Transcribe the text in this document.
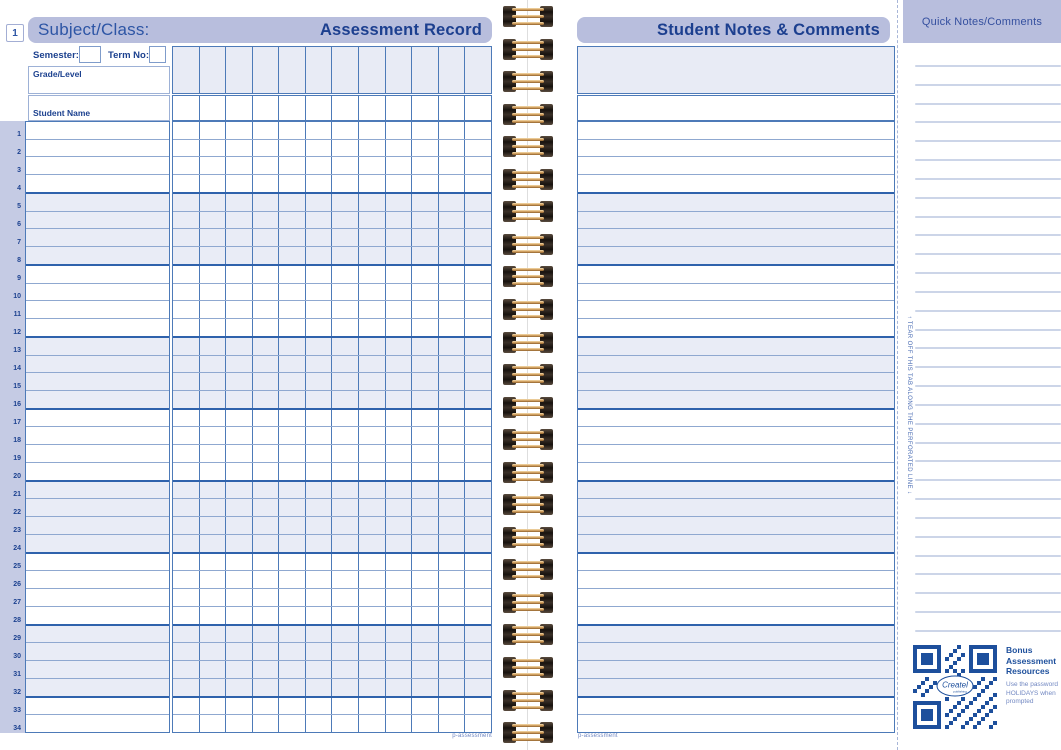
1	Subject/Class:	Assessment Record
Semester:	Term No:
Grade/Level
Student Name
1
2
3
4
5
6
7
8
9
10
11
12
13
14
15
16
17
18
19
20
21
22
23
24
25
26
27
28
29
30
31
32
33
34
p-assessment
Student Notes & Comments
p-assessment
Quick Notes/Comments
↑ TEAR OFF THIS TAB ALONG THE PERFORATED LINE ↓
Createl
publishing
Bonus Assessment Resources
Use the password HOLIDAYS when prompted
